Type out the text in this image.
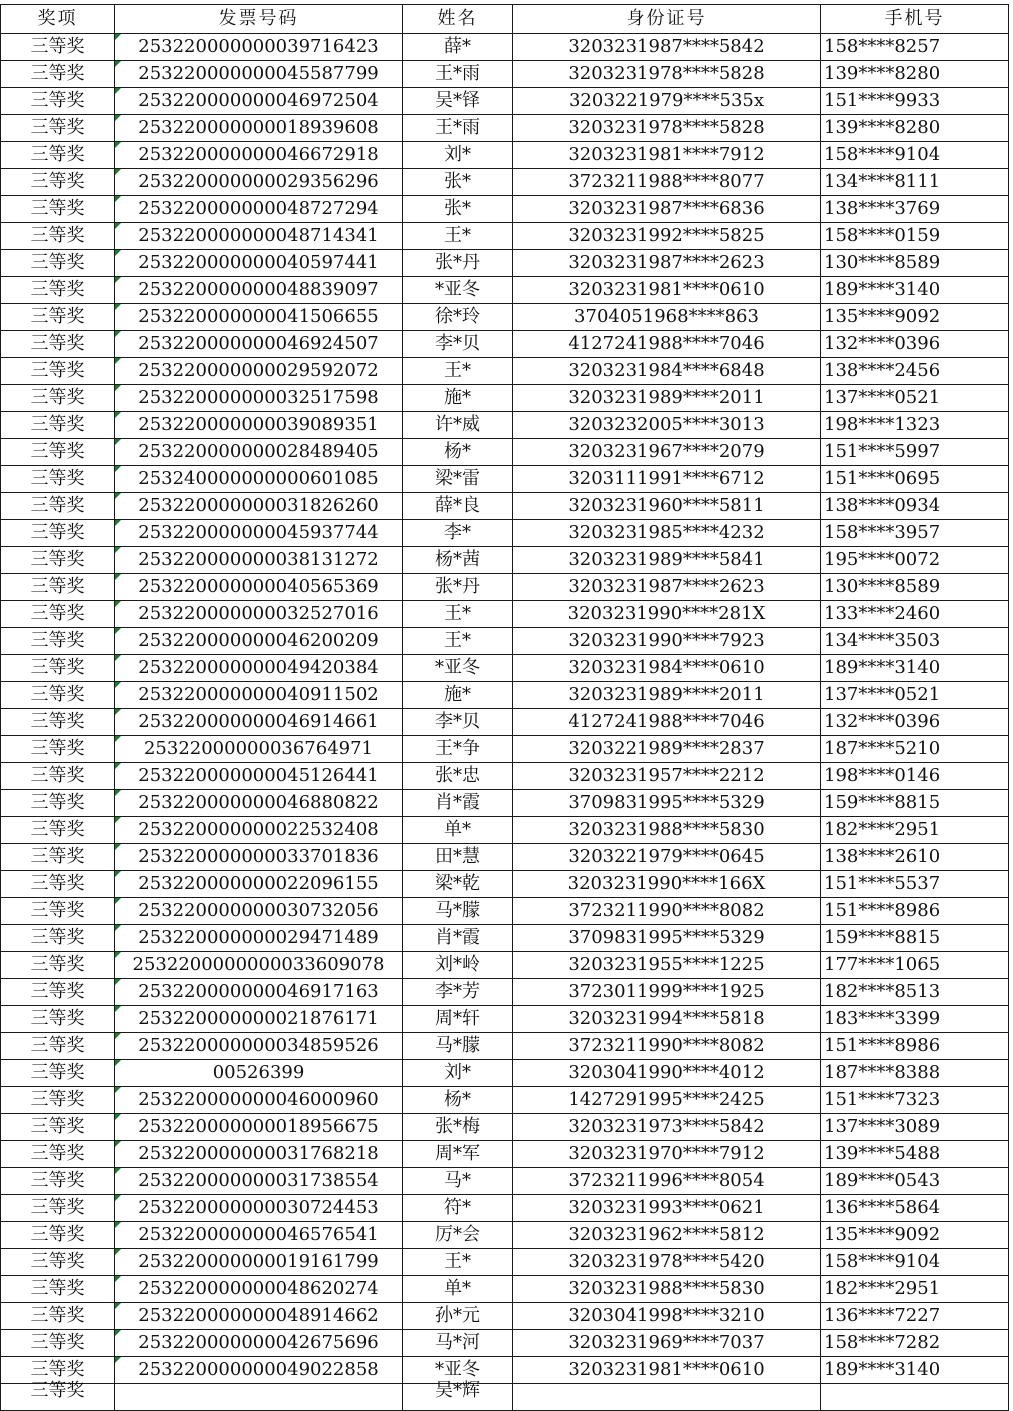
奖项	发票号码	姓名	身份证号	手机号
三等奖	253220000000039716423	薛*	3203231987****5842	158****8257
三等奖	253220000000045587799	王*雨	3203231978****5828	139****8280
三等奖	253220000000046972504	吴*铎	3203221979****535x	151****9933
三等奖	253220000000018939608	王*雨	3203231978****5828	139****8280
三等奖	253220000000046672918	刘*	3203231981****7912	158****9104
三等奖	253220000000029356296	张*	3723211988****8077	134****8111
三等奖	253220000000048727294	张*	3203231987****6836	138****3769
三等奖	253220000000048714341	王*	3203231992****5825	158****0159
三等奖	253220000000040597441	张*丹	3203231987****2623	130****8589
三等奖	253220000000048839097	*亚冬	3203231981****0610	189****3140
三等奖	253220000000041506655	徐*玲	3704051968****863	135****9092
三等奖	253220000000046924507	李*贝	4127241988****7046	132****0396
三等奖	253220000000029592072	王*	3203231984****6848	138****2456
三等奖	253220000000032517598	施*	3203231989****2011	137****0521
三等奖	253220000000039089351	许*威	3203232005****3013	198****1323
三等奖	253220000000028489405	杨*	3203231967****2079	151****5997
三等奖	253240000000000601085	梁*雷	3203111991****6712	151****0695
三等奖	253220000000031826260	薛*良	3203231960****5811	138****0934
三等奖	253220000000045937744	李*	3203231985****4232	158****3957
三等奖	253220000000038131272	杨*茜	3203231989****5841	195****0072
三等奖	253220000000040565369	张*丹	3203231987****2623	130****8589
三等奖	253220000000032527016	王*	3203231990****281X	133****2460
三等奖	253220000000046200209	王*	3203231990****7923	134****3503
三等奖	253220000000049420384	*亚冬	3203231984****0610	189****3140
三等奖	253220000000040911502	施*	3203231989****2011	137****0521
三等奖	253220000000046914661	李*贝	4127241988****7046	132****0396
三等奖	25322000000036764971	王*争	3203221989****2837	187****5210
三等奖	253220000000045126441	张*忠	3203231957****2212	198****0146
三等奖	253220000000046880822	肖*霞	3709831995****5329	159****8815
三等奖	253220000000022532408	单*	3203231988****5830	182****2951
三等奖	253220000000033701836	田*慧	3203221979****0645	138****2610
三等奖	253220000000022096155	梁*乾	3203231990****166X	151****5537
三等奖	253220000000030732056	马*朦	3723211990****8082	151****8986
三等奖	253220000000029471489	肖*霞	3709831995****5329	159****8815
三等奖	2532200000000033609078	刘*岭	3203231955****1225	177****1065
三等奖	253220000000046917163	李*芳	3723011999****1925	182****8513
三等奖	253220000000021876171	周*轩	3203231994****5818	183****3399
三等奖	253220000000034859526	马*朦	3723211990****8082	151****8986
三等奖	00526399	刘*	3203041990****4012	187****8388
三等奖	253220000000046000960	杨*	1427291995****2425	151****7323
三等奖	253220000000018956675	张*梅	3203231973****5842	137****3089
三等奖	253220000000031768218	周*军	3203231970****7912	139****5488
三等奖	253220000000031738554	马*	3723211996****8054	189****0543
三等奖	253220000000030724453	符*	3203231993****0621	136****5864
三等奖	253220000000046576541	厉*会	3203231962****5812	135****9092
三等奖	253220000000019161799	王*	3203231978****5420	158****9104
三等奖	253220000000048620274	单*	3203231988****5830	182****2951
三等奖	253220000000048914662	孙*元	3203041998****3210	136****7227
三等奖	253220000000042675696	马*河	3203231969****7037	158****7282
三等奖	253220000000049022858	*亚冬	3203231981****0610	189****3140
三等奖		吴*辉		
